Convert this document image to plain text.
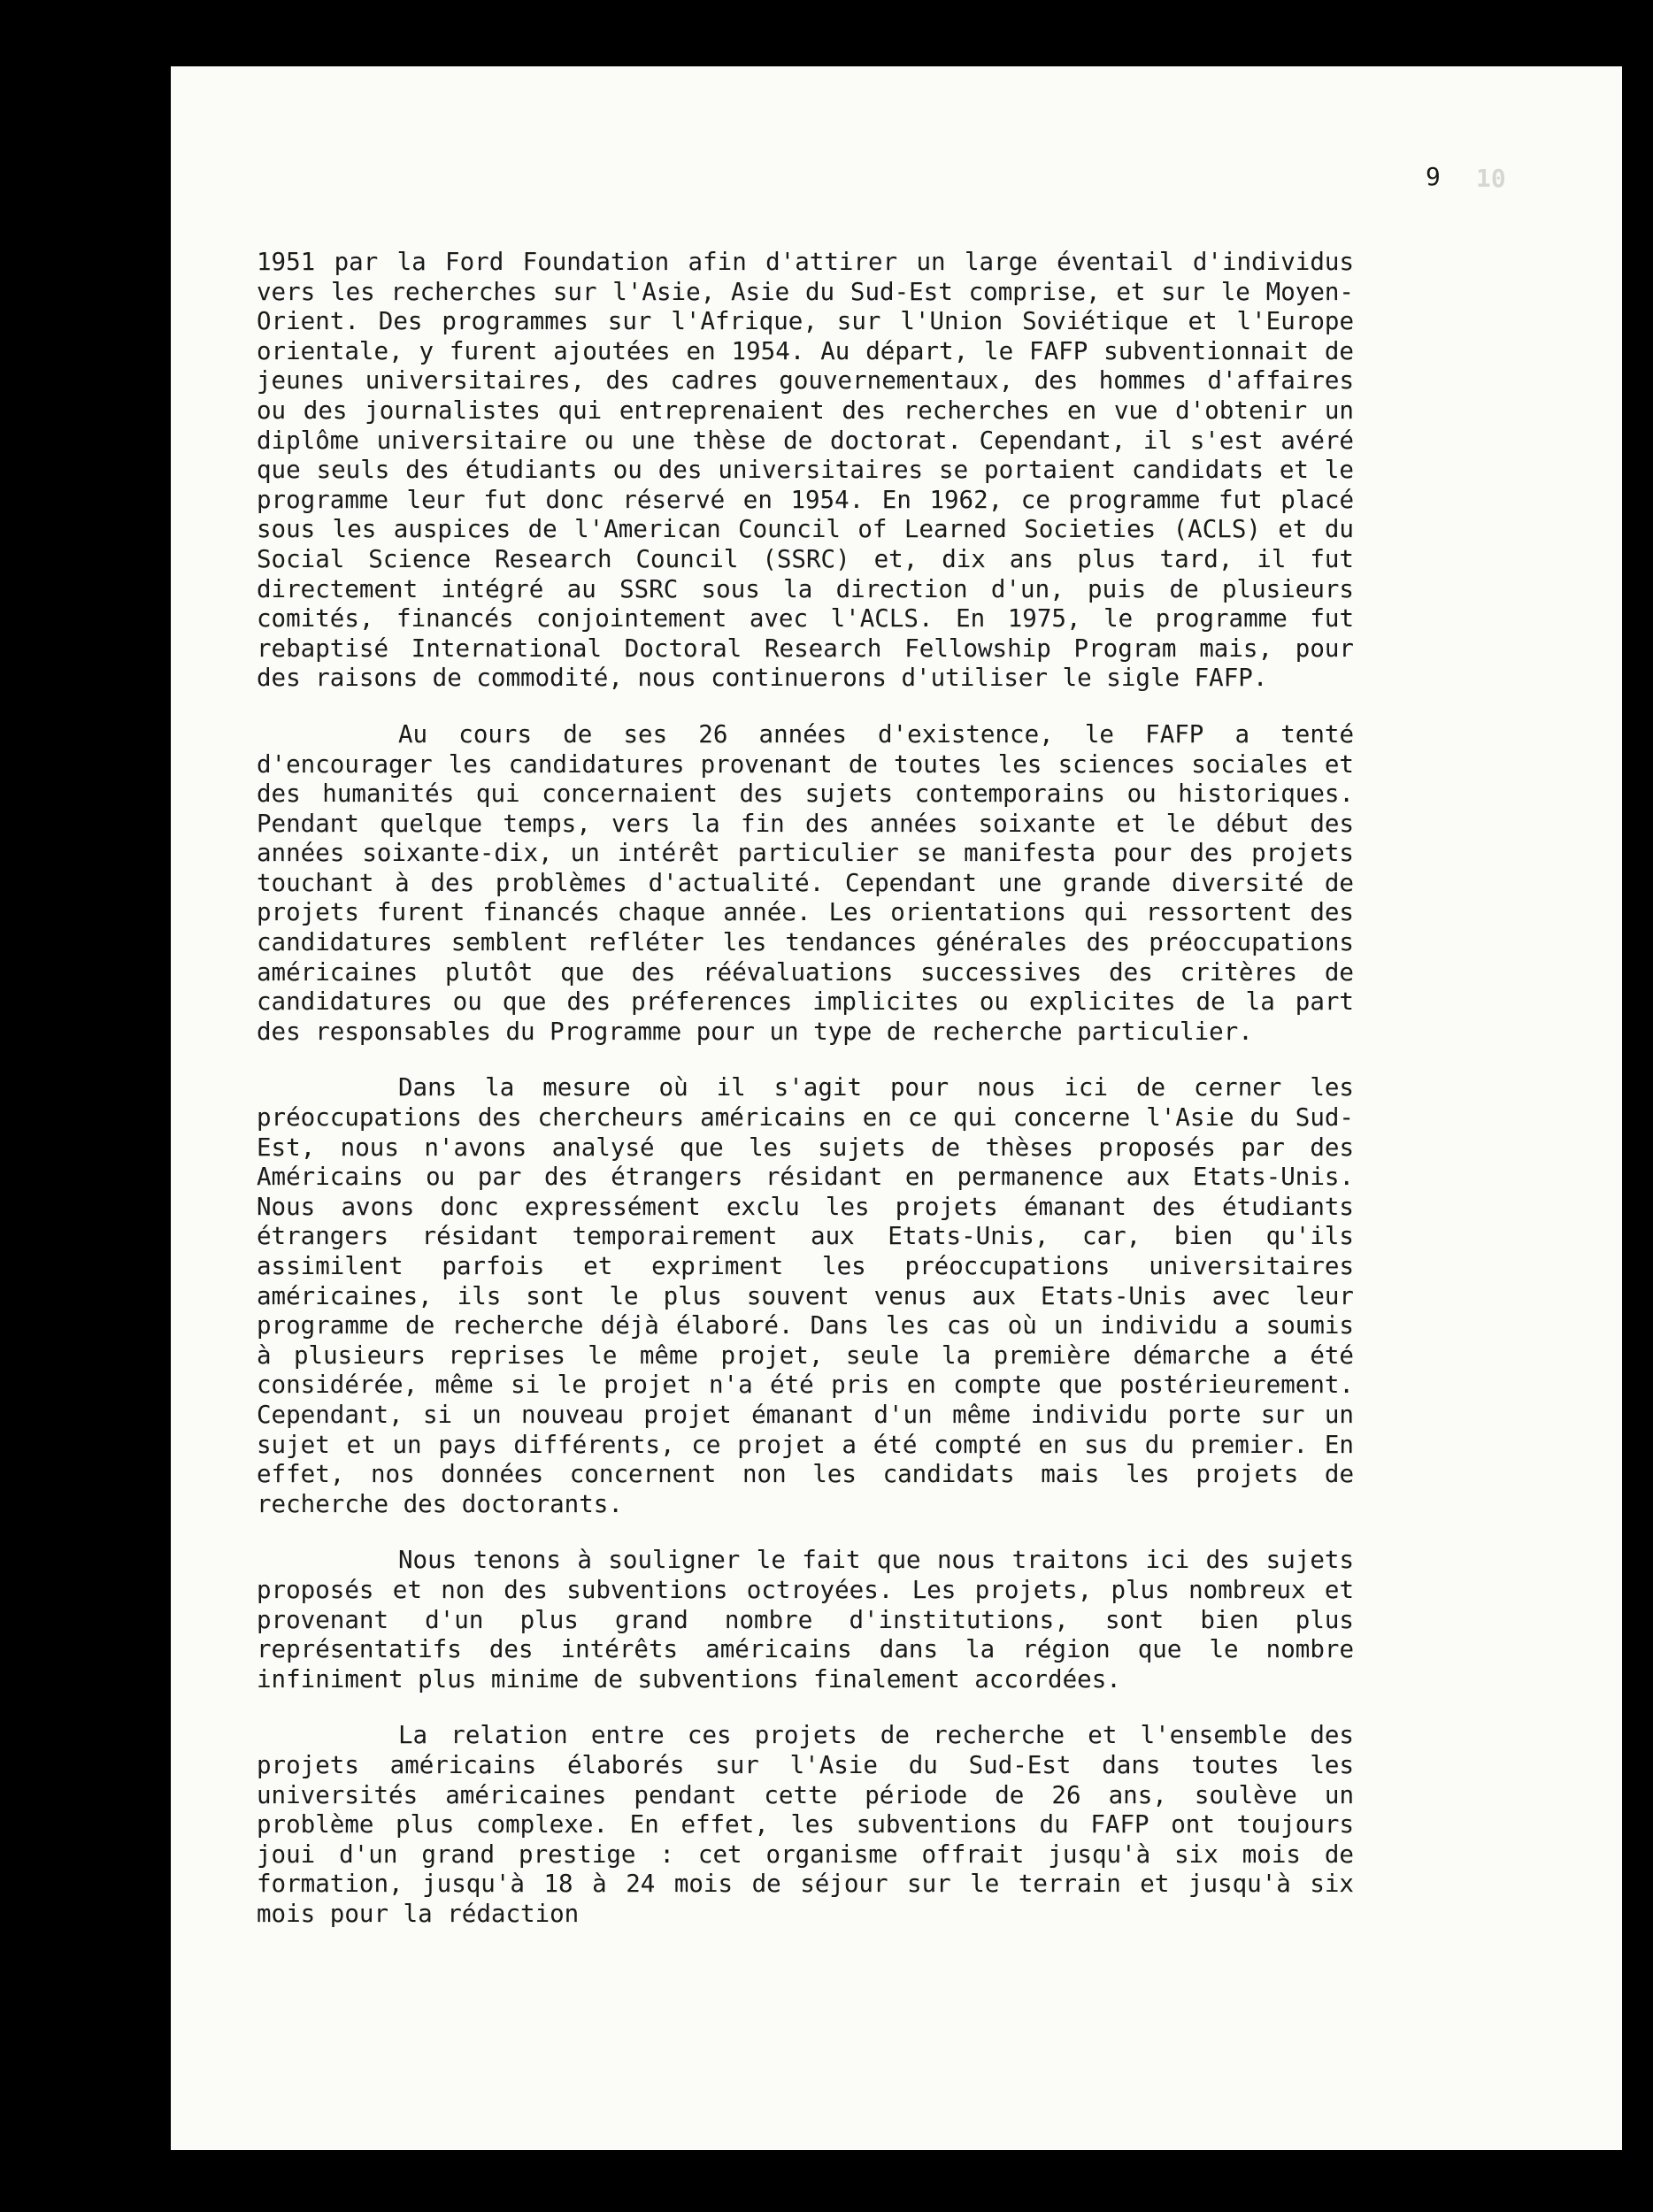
10
9

1951 par la Ford Foundation afin d'attirer un large éventail d'individus vers les recherches sur l'Asie, Asie du Sud-Est comprise, et sur le Moyen-Orient. Des programmes sur l'Afrique, sur l'Union Soviétique et l'Europe orientale, y furent ajoutées en 1954. Au départ, le FAFP subventionnait de jeunes universitaires, des cadres gouvernementaux, des hommes d'affaires ou des journalistes qui entreprenaient des recherches en vue d'obtenir un diplôme universitaire ou une thèse de doctorat. Cependant, il s'est avéré que seuls des étudiants ou des universitaires se portaient candidats et le programme leur fut donc réservé en 1954. En 1962, ce programme fut placé sous les auspices de l'American Council of Learned Societies (ACLS) et du Social Science Research Council (SSRC) et, dix ans plus tard, il fut directement intégré au SSRC sous la direction d'un, puis de plusieurs comités, financés conjointement avec l'ACLS. En 1975, le programme fut rebaptisé International Doctoral Research Fellowship Program mais, pour des raisons de commodité, nous continuerons d'utiliser le sigle FAFP.

Au cours de ses 26 années d'existence, le FAFP a tenté d'encourager les candidatures provenant de toutes les sciences sociales et des humanités qui concernaient des sujets contemporains ou historiques. Pendant quelque temps, vers la fin des années soixante et le début des années soixante-dix, un intérêt particulier se manifesta pour des projets touchant à des problèmes d'actualité. Cependant une grande diversité de projets furent financés chaque année. Les orientations qui ressortent des candidatures semblent refléter les tendances générales des préoccupations américaines plutôt que des réévaluations successives des critères de candidatures ou que des préferences implicites ou explicites de la part des responsables du Programme pour un type de recherche particulier.

Dans la mesure où il s'agit pour nous ici de cerner les préoccupations des chercheurs américains en ce qui concerne l'Asie du Sud-Est, nous n'avons analysé que les sujets de thèses proposés par des Américains ou par des étrangers résidant en permanence aux Etats-Unis. Nous avons donc expressément exclu les projets émanant des étudiants étrangers résidant temporairement aux Etats-Unis, car, bien qu'ils assimilent parfois et expriment les préoccupations universitaires américaines, ils sont le plus souvent venus aux Etats-Unis avec leur programme de recherche déjà élaboré. Dans les cas où un individu a soumis à plusieurs reprises le même projet, seule la première démarche a été considérée, même si le projet n'a été pris en compte que postérieurement. Cependant, si un nouveau projet émanant d'un même individu porte sur un sujet et un pays différents, ce projet a été compté en sus du premier. En effet, nos données concernent non les candidats mais les projets de recherche des doctorants.

Nous tenons à souligner le fait que nous traitons ici des sujets proposés et non des subventions octroyées. Les projets, plus nombreux et provenant d'un plus grand nombre d'institutions, sont bien plus représentatifs des intérêts américains dans la région que le nombre infiniment plus minime de subventions finalement accordées.

La relation entre ces projets de recherche et l'ensemble des projets américains élaborés sur l'Asie du Sud-Est dans toutes les universités américaines pendant cette période de 26 ans, soulève un problème plus complexe. En effet, les subventions du FAFP ont toujours joui d'un grand prestige : cet organisme offrait jusqu'à six mois de formation, jusqu'à 18 à 24 mois de séjour sur le terrain et jusqu'à six mois pour la rédaction
